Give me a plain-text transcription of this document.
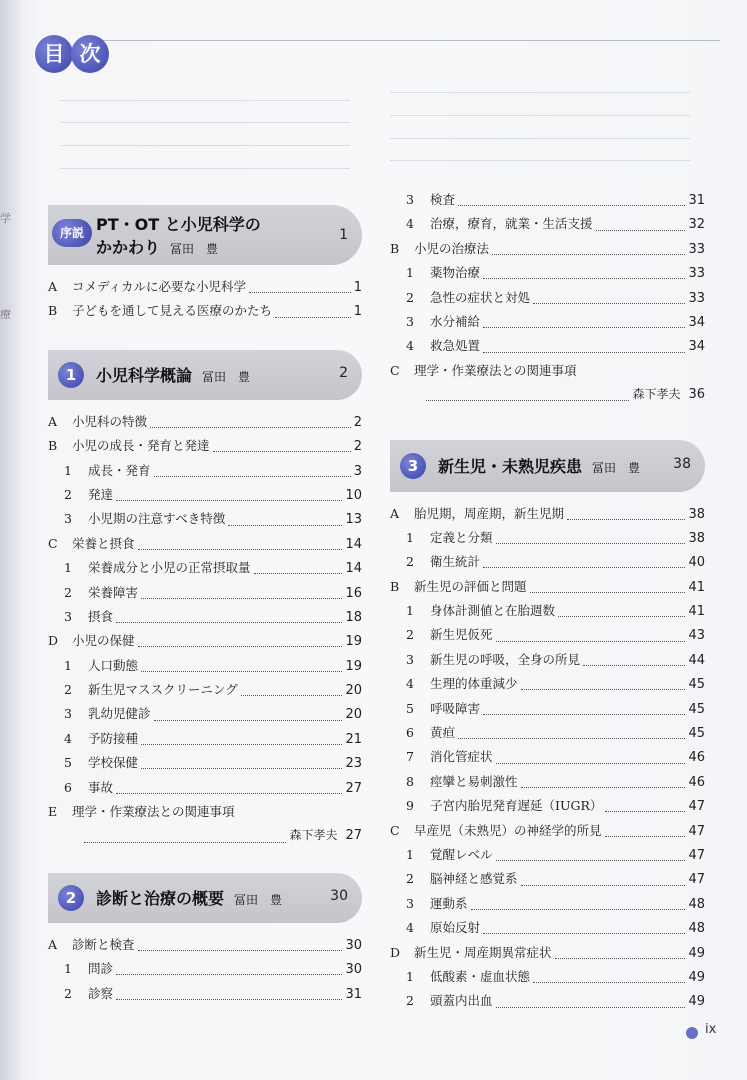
学
療
目 次
序説 PT・OT と小児科学の
かかわり 冨田　豊
1
A	コメディカルに必要な小児科学	1
B	子どもを通して見える医療のかたち	1
1	小児科学概論 冨田　豊	2
A	小児科の特徴	2
B	小児の成長・発育と発達	2
1	成長・発育	3
2	発達	10
3	小児期の注意すべき特徴	13
C	栄養と摂食	14
1	栄養成分と小児の正常摂取量	14
2	栄養障害	16
3	摂食	18
D	小児の保健	19
1	人口動態	19
2	新生児マススクリーニング	20
3	乳幼児健診	20
4	予防接種	21
5	学校保健	23
6	事故	27
E	理学・作業療法との関連事項
森下孝夫 27
2	診断と治療の概要 冨田　豊	30
A	診断と検査	30
1	問診	30
2	診察	31
3	検査	31
4	治療，療育，就業・生活支援	32
B	小児の治療法	33
1	薬物治療	33
2	急性の症状と対処	33
3	水分補給	34
4	救急処置	34
C	理学・作業療法との関連事項
森下孝夫 36
3	新生児・未熟児疾患 冨田　豊 38
A	胎児期，周産期，新生児期	38
1	定義と分類	38
2	衛生統計	40
B	新生児の評価と問題	41
1	身体計測値と在胎週数	41
2	新生児仮死	43
3	新生児の呼吸，全身の所見	44
4	生理的体重減少	45
5	呼吸障害	45
6	黄疸	45
7	消化管症状	46
8	痙攣と易刺激性	46
9	子宮内胎児発育遅延（IUGR）	47
C	早産児（未熟児）の神経学的所見	47
1	覚醒レベル	47
2	脳神経と感覚系	47
3	運動系	48
4	原始反射	48
D	新生児・周産期異常症状	49
1	低酸素・虚血状態	49
2	頭蓋内出血	49
ix
